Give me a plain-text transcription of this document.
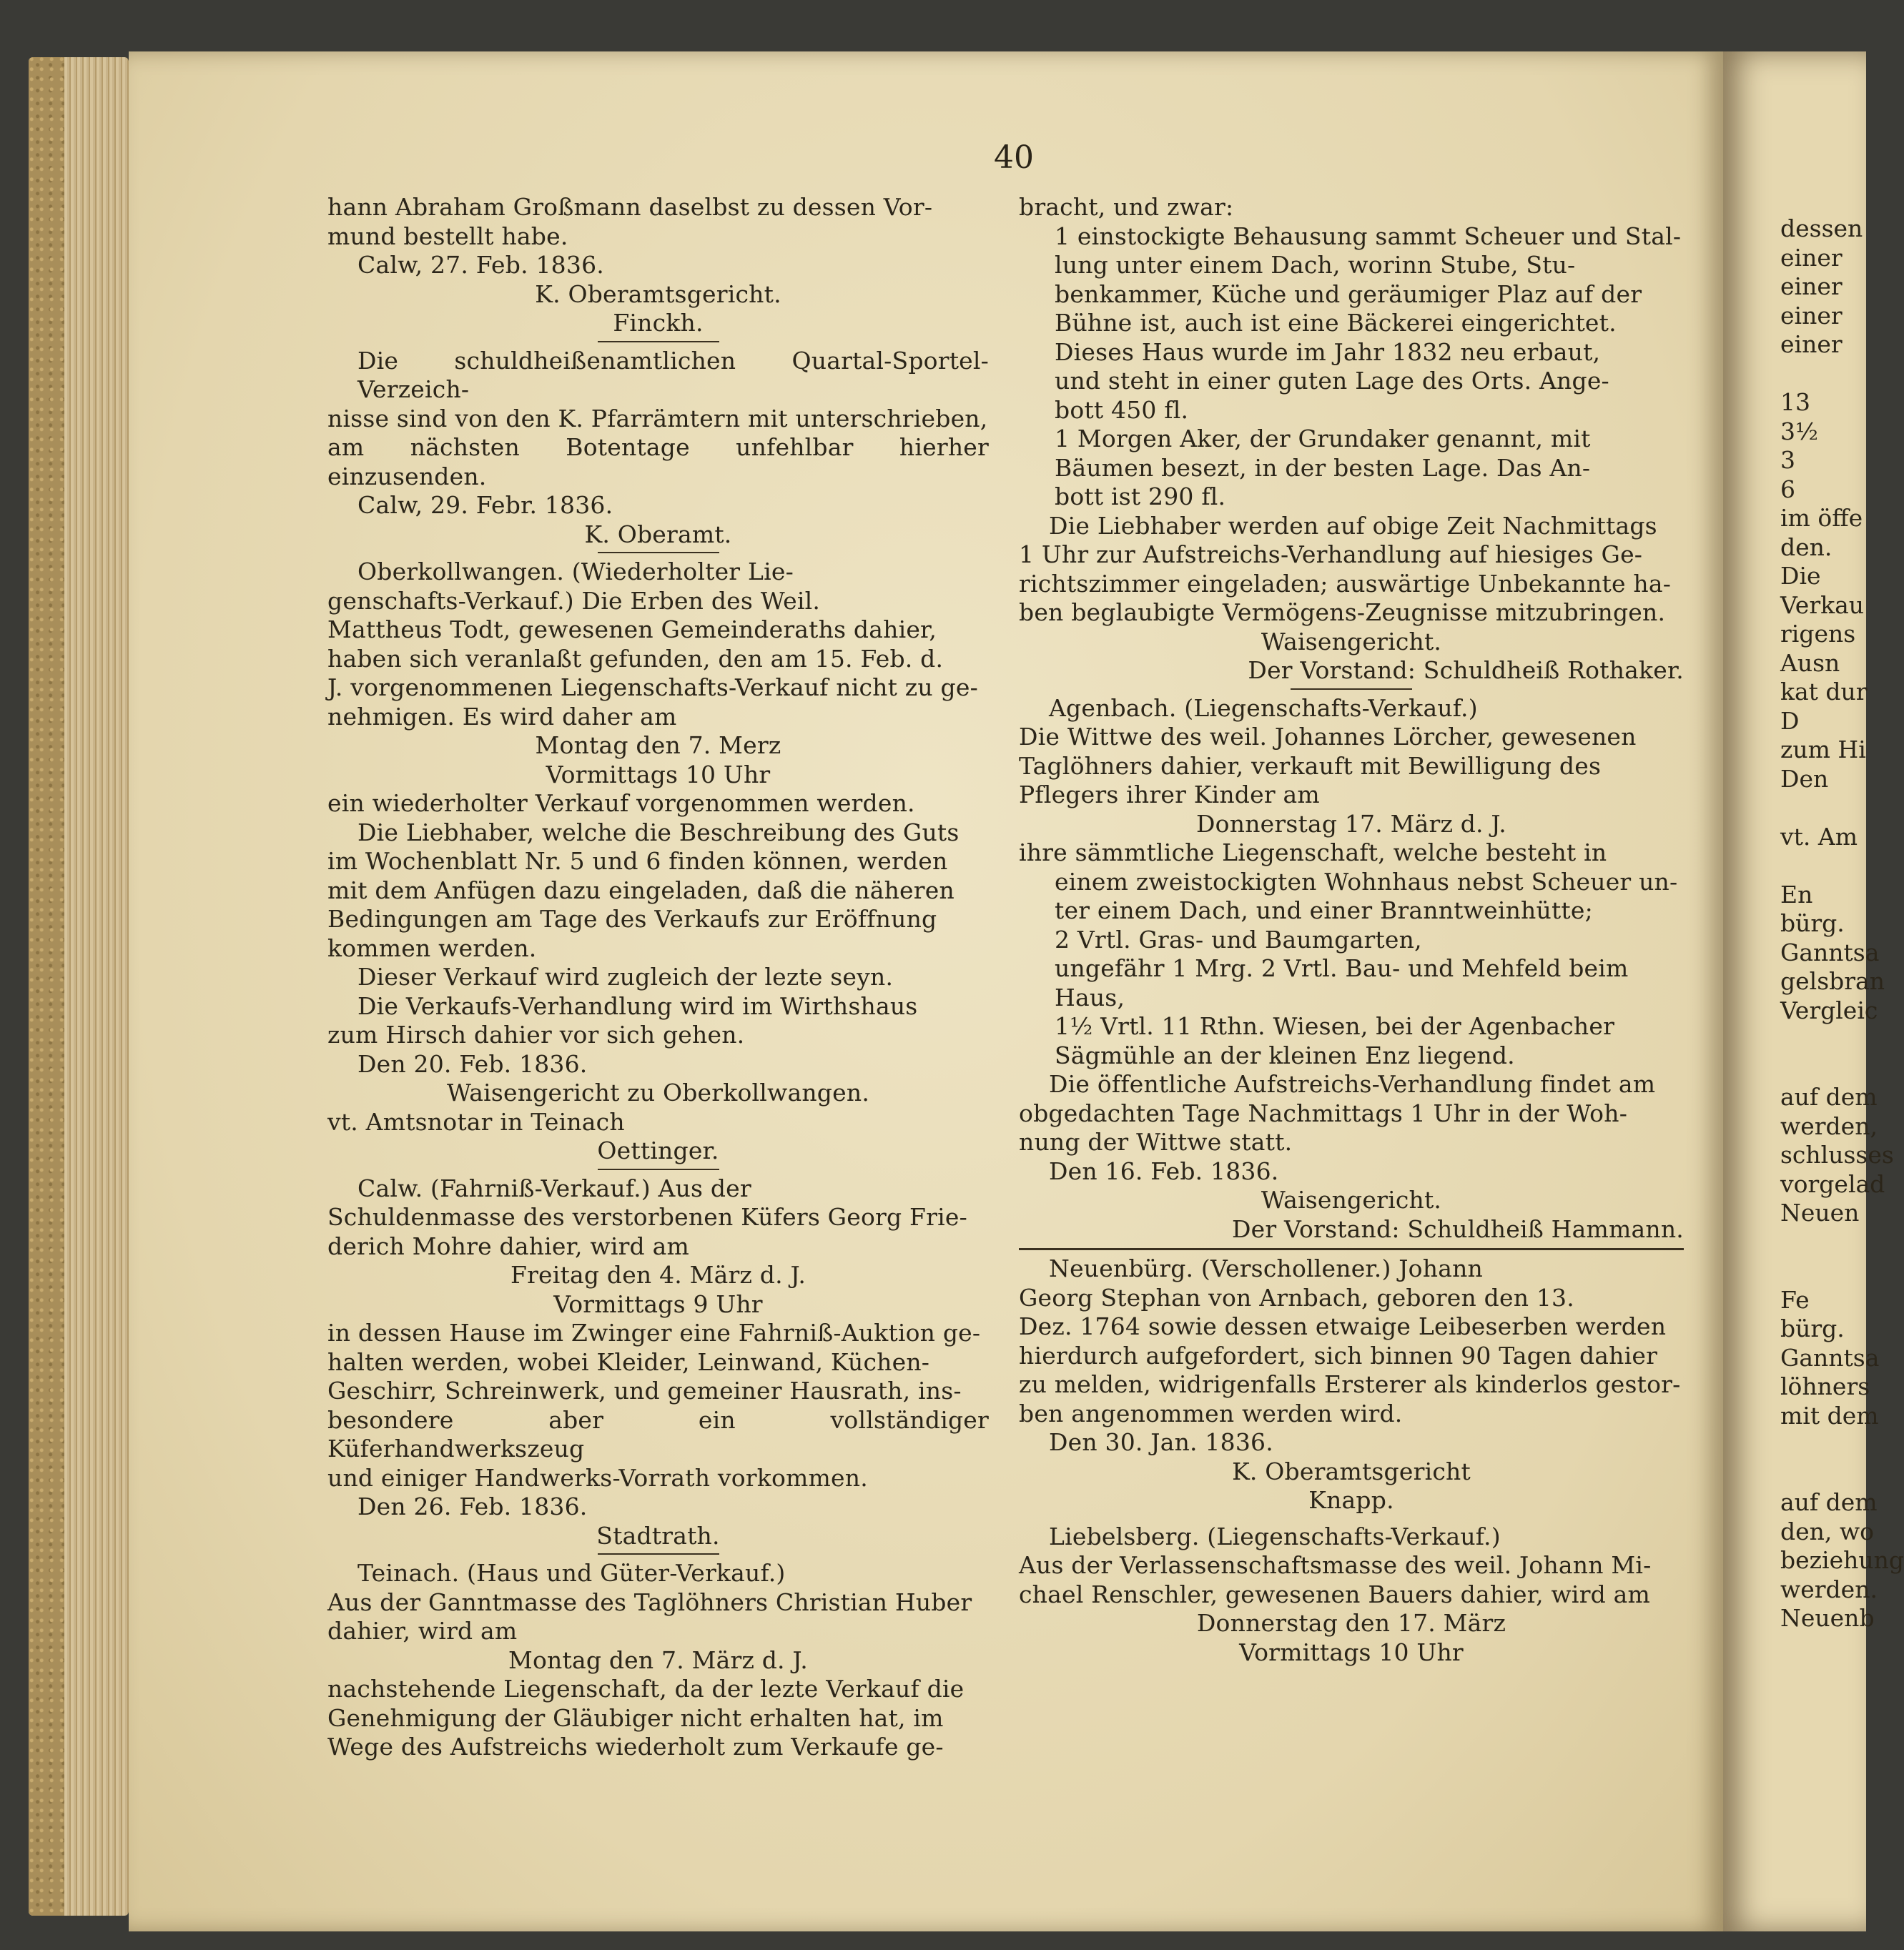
40

hann Abraham Großmann daselbst zu dessen Vor-

mund bestellt habe.

Calw, 27. Feb. 1836.

K. Oberamtsgericht.

Finckh.

Die schuldheißenamtlichen Quartal-Sportel-Verzeich-

nisse sind von den K. Pfarrämtern mit unterschrieben,

am nächsten Botentage unfehlbar hierher einzusenden.

Calw, 29. Febr. 1836.

K. Oberamt.

Oberkollwangen. (Wiederholter Lie-

genschafts-Verkauf.) Die Erben des Weil.

Mattheus Todt, gewesenen Gemeinderaths dahier,

haben sich veranlaßt gefunden, den am 15. Feb. d.

J. vorgenommenen Liegenschafts-Verkauf nicht zu ge-

nehmigen. Es wird daher am

Montag den 7. Merz

Vormittags 10 Uhr

ein wiederholter Verkauf vorgenommen werden.

Die Liebhaber, welche die Beschreibung des Guts

im Wochenblatt Nr. 5 und 6 finden können, werden

mit dem Anfügen dazu eingeladen, daß die näheren

Bedingungen am Tage des Verkaufs zur Eröffnung

kommen werden.

Dieser Verkauf wird zugleich der lezte seyn.

Die Verkaufs-Verhandlung wird im Wirthshaus

zum Hirsch dahier vor sich gehen.

Den 20. Feb. 1836.

Waisengericht zu Oberkollwangen.

vt. Amtsnotar in Teinach

Oettinger.

Calw. (Fahrniß-Verkauf.) Aus der

Schuldenmasse des verstorbenen Küfers Georg Frie-

derich Mohre dahier, wird am

Freitag den 4. März d. J.

Vormittags 9 Uhr

in dessen Hause im Zwinger eine Fahrniß-Auktion ge-

halten werden, wobei Kleider, Leinwand, Küchen-

Geschirr, Schreinwerk, und gemeiner Hausrath, ins-

besondere aber ein vollständiger Küferhandwerkszeug

und einiger Handwerks-Vorrath vorkommen.

Den 26. Feb. 1836.

Stadtrath.

Teinach. (Haus und Güter-Verkauf.)

Aus der Ganntmasse des Taglöhners Christian Huber

dahier, wird am

Montag den 7. März d. J.

nachstehende Liegenschaft, da der lezte Verkauf die

Genehmigung der Gläubiger nicht erhalten hat, im

Wege des Aufstreichs wiederholt zum Verkaufe ge-

bracht, und zwar:

1 einstockigte Behausung sammt Scheuer und Stal-

lung unter einem Dach, worinn Stube, Stu-

benkammer, Küche und geräumiger Plaz auf der

Bühne ist, auch ist eine Bäckerei eingerichtet.

Dieses Haus wurde im Jahr 1832 neu erbaut,

und steht in einer guten Lage des Orts. Ange-

bott 450 fl.

1 Morgen Aker, der Grundaker genannt, mit

Bäumen besezt, in der besten Lage. Das An-

bott ist 290 fl.

Die Liebhaber werden auf obige Zeit Nachmittags

1 Uhr zur Aufstreichs-Verhandlung auf hiesiges Ge-

richtszimmer eingeladen; auswärtige Unbekannte ha-

ben beglaubigte Vermögens-Zeugnisse mitzubringen.

Waisengericht.

Der Vorstand: Schuldheiß Rothaker.

Agenbach. (Liegenschafts-Verkauf.)

Die Wittwe des weil. Johannes Lörcher, gewesenen

Taglöhners dahier, verkauft mit Bewilligung des

Pflegers ihrer Kinder am

Donnerstag 17. März d. J.

ihre sämmtliche Liegenschaft, welche besteht in

einem zweistockigten Wohnhaus nebst Scheuer un-

ter einem Dach, und einer Branntweinhütte;

2 Vrtl. Gras- und Baumgarten,

ungefähr 1 Mrg. 2 Vrtl. Bau- und Mehfeld beim

Haus,

1½ Vrtl. 11 Rthn. Wiesen, bei der Agenbacher

Sägmühle an der kleinen Enz liegend.

Die öffentliche Aufstreichs-Verhandlung findet am

obgedachten Tage Nachmittags 1 Uhr in der Woh-

nung der Wittwe statt.

Den 16. Feb. 1836.

Waisengericht.

Der Vorstand: Schuldheiß Hammann.

Neuenbürg. (Verschollener.) Johann

Georg Stephan von Arnbach, geboren den 13.

Dez. 1764 sowie dessen etwaige Leibeserben werden

hierdurch aufgefordert, sich binnen 90 Tagen dahier

zu melden, widrigenfalls Ersterer als kinderlos gestor-

ben angenommen werden wird.

Den 30. Jan. 1836.

K. Oberamtsgericht

Knapp.

Liebelsberg. (Liegenschafts-Verkauf.)

Aus der Verlassenschaftsmasse des weil. Johann Mi-

chael Renschler, gewesenen Bauers dahier, wird am

Donnerstag den 17. März

Vormittags 10 Uhr

dessen

einer

einer

einer

einer

13

3½

3

6

im öffe

den.

Die

Verkau

rigens

Ausn

kat dur

D

zum Hi

Den

vt. Am

En

bürg.

Ganntsa

gelsbran

Vergleic

auf dem

werden,

schlusses

vorgelad

Neuen

Fe

bürg.

Ganntsa

löhners

mit dem

auf dem

den, wo

beziehung

werden.

Neuenb
